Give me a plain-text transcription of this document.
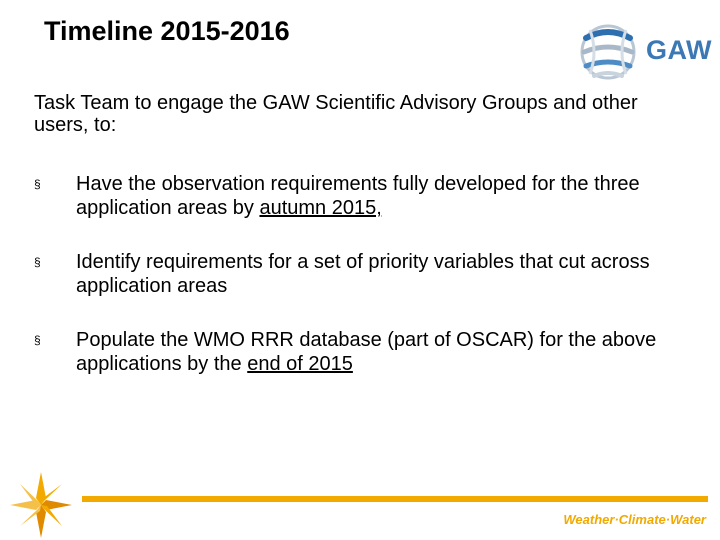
Timeline 2015-2016
GAW
Task Team to engage the GAW Scientific Advisory Groups and other users, to:
§ Have the observation requirements fully developed for the three application areas by autumn 2015,
§ Identify requirements for a set of priority variables that cut across application areas
§ Populate the WMO RRR database (part of OSCAR) for the above applications by the end of 2015
Weather·Climate·Water
